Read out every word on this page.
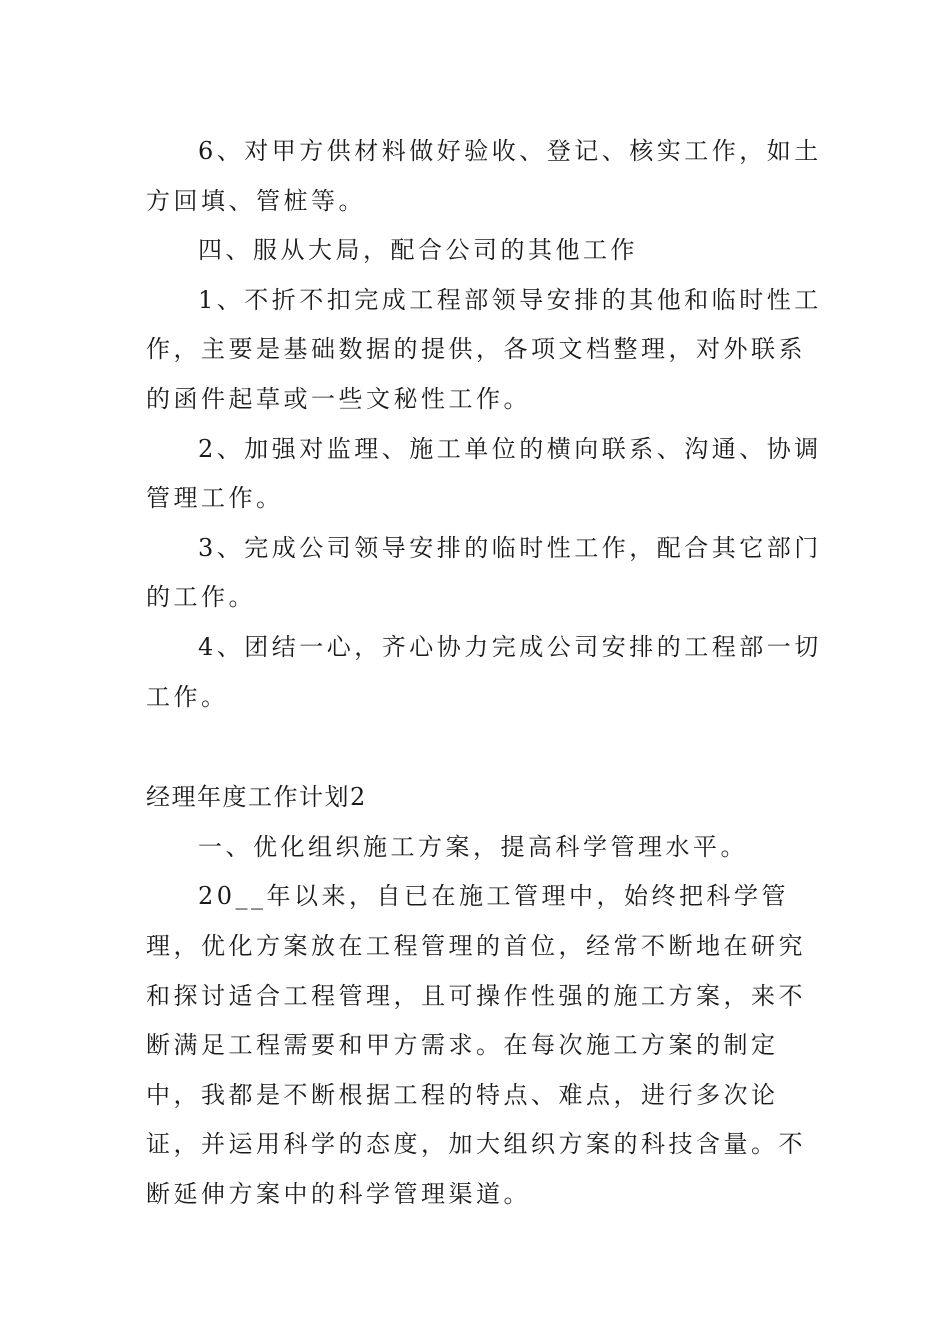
6、对甲方供材料做好验收、登记、核实工作，如土方回填、管桩等。

四、服从大局，配合公司的其他工作

1、不折不扣完成工程部领导安排的其他和临时性工作，主要是基础数据的提供，各项文档整理，对外联系的函件起草或一些文秘性工作。

2、加强对监理、施工单位的横向联系、沟通、协调管理工作。

3、完成公司领导安排的临时性工作，配合其它部门的工作。

4、团结一心，齐心协力完成公司安排的工程部一切工作。

经理年度工作计划2

一、优化组织施工方案，提高科学管理水平。

20__年以来，自已在施工管理中，始终把科学管理，优化方案放在工程管理的首位，经常不断地在研究和探讨适合工程管理，且可操作性强的施工方案，来不断满足工程需要和甲方需求。在每次施工方案的制定中，我都是不断根据工程的特点、难点，进行多次论证，并运用科学的态度，加大组织方案的科技含量。不断延伸方案中的科学管理渠道。
